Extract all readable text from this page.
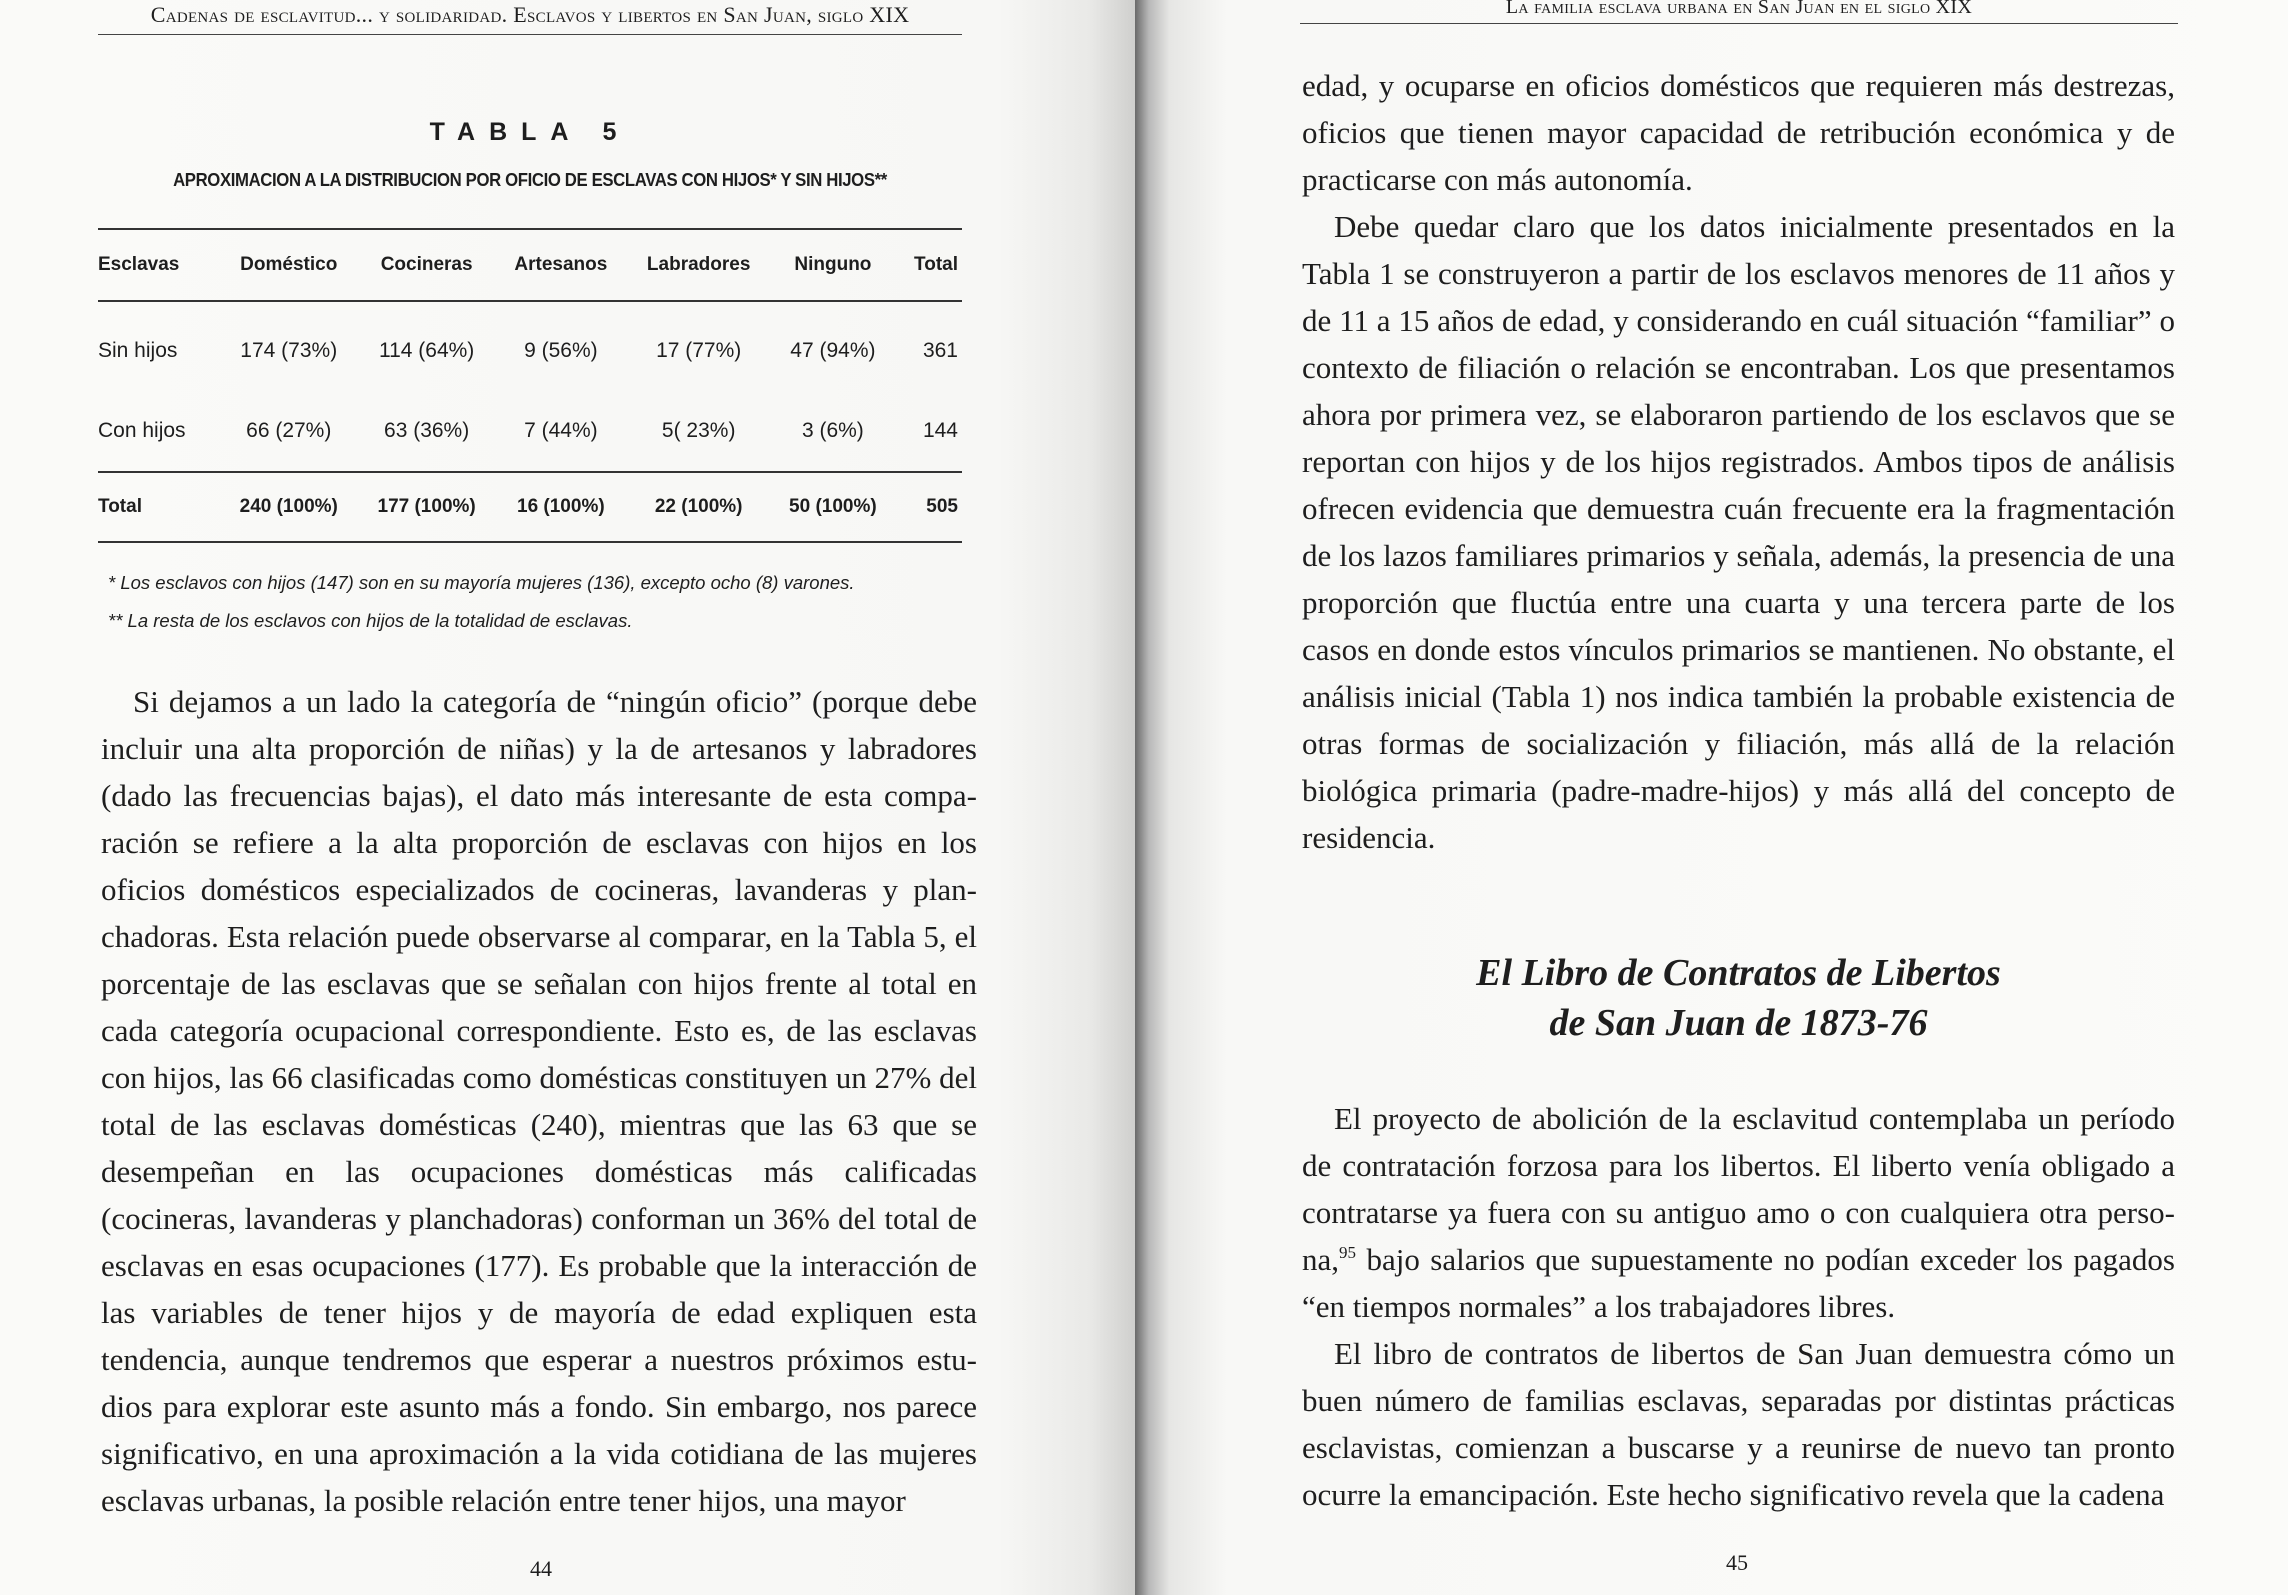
Cadenas de esclavitud... y solidaridad. Esclavos y libertos en San Juan, siglo XIX
TABLA 5
APROXIMACION A LA DISTRIBUCION POR OFICIO DE ESCLAVAS CON HIJOS* Y SIN HIJOS**
Esclavas	Doméstico	Cocineras	Artesanos	Labradores	Ninguno	Total
Sin hijos	174 (73%)	114 (64%)	9 (56%)	17 (77%)	47 (94%)	361
Con hijos	66 (27%)	63 (36%)	7 (44%)	5( 23%)	3 (6%)	144
Total	240 (100%)	177 (100%)	16 (100%)	22 (100%)	50 (100%)	505

* Los esclavos con hijos (147) son en su mayoría mujeres (136), excepto ocho (8) varones.

** La resta de los esclavos con hijos de la totalidad de esclavas.

Si dejamos a un lado la categoría de “ningún oficio” (porque debe incluir una alta proporción de niñas) y la de artesanos y labradores (dado las frecuencias bajas), el dato más interesante de esta comparación se refiere a la alta proporción de esclavas con hijos en los oficios domésticos especializados de cocineras, lavanderas y planchadoras. Esta relación puede observarse al comparar, en la Tabla 5, el porcentaje de las esclavas que se señalan con hijos frente al total en cada categoría ocupacional correspondiente. Esto es, de las esclavas con hijos, las 66 clasificadas como domésticas constituyen un 27% del total de las esclavas domésticas (240), mientras que las 63 que se desempeñan en las ocupaciones domésticas más calificadas (cocineras, lavanderas y planchadoras) conforman un 36% del total de esclavas en esas ocupaciones (177). Es probable que la interacción de las variables de tener hijos y de mayoría de edad expliquen esta tendencia, aunque tendremos que esperar a nuestros próximos estudios para explorar este asunto más a fondo. Sin embargo, nos parece significativo, en una aproximación a la vida cotidiana de las mujeres esclavas urbanas, la posible relación entre tener hijos, una mayor

44
La familia esclava urbana en San Juan en el siglo XIX

edad, y ocuparse en oficios domésticos que requieren más destrezas, oficios que tienen mayor capacidad de retribución económica y de practicarse con más autonomía.

Debe quedar claro que los datos inicialmente presentados en la Tabla 1 se construyeron a partir de los esclavos menores de 11 años y de 11 a 15 años de edad, y considerando en cuál situación “familiar” o contexto de filiación o relación se encontraban. Los que presentamos ahora por primera vez, se elaboraron partiendo de los esclavos que se reportan con hijos y de los hijos registrados. Ambos tipos de análisis ofrecen evidencia que demuestra cuán frecuente era la fragmentación de los lazos familiares primarios y señala, además, la presencia de una proporción que fluctúa entre una cuarta y una tercera parte de los casos en donde estos vínculos primarios se mantienen. No obstante, el análisis inicial (Tabla 1) nos indica también la probable existencia de otras formas de socialización y filiación, más allá de la relación biológica primaria (padre-madre-hijos) y más allá del concepto de residencia.

El Libro de Contratos de Libertos
de San Juan de 1873-76

El proyecto de abolición de la esclavitud contemplaba un período de contratación forzosa para los libertos. El liberto venía obligado a contratarse ya fuera con su antiguo amo o con cualquiera otra persona,$^{95}$ bajo salarios que supuestamente no podían exceder los pagados “en tiempos normales” a los trabajadores libres.

El libro de contratos de libertos de San Juan demuestra cómo un buen número de familias esclavas, separadas por distintas prácticas esclavistas, comienzan a buscarse y a reunirse de nuevo tan pronto ocurre la emancipación. Este hecho significativo revela que la cadena

45
